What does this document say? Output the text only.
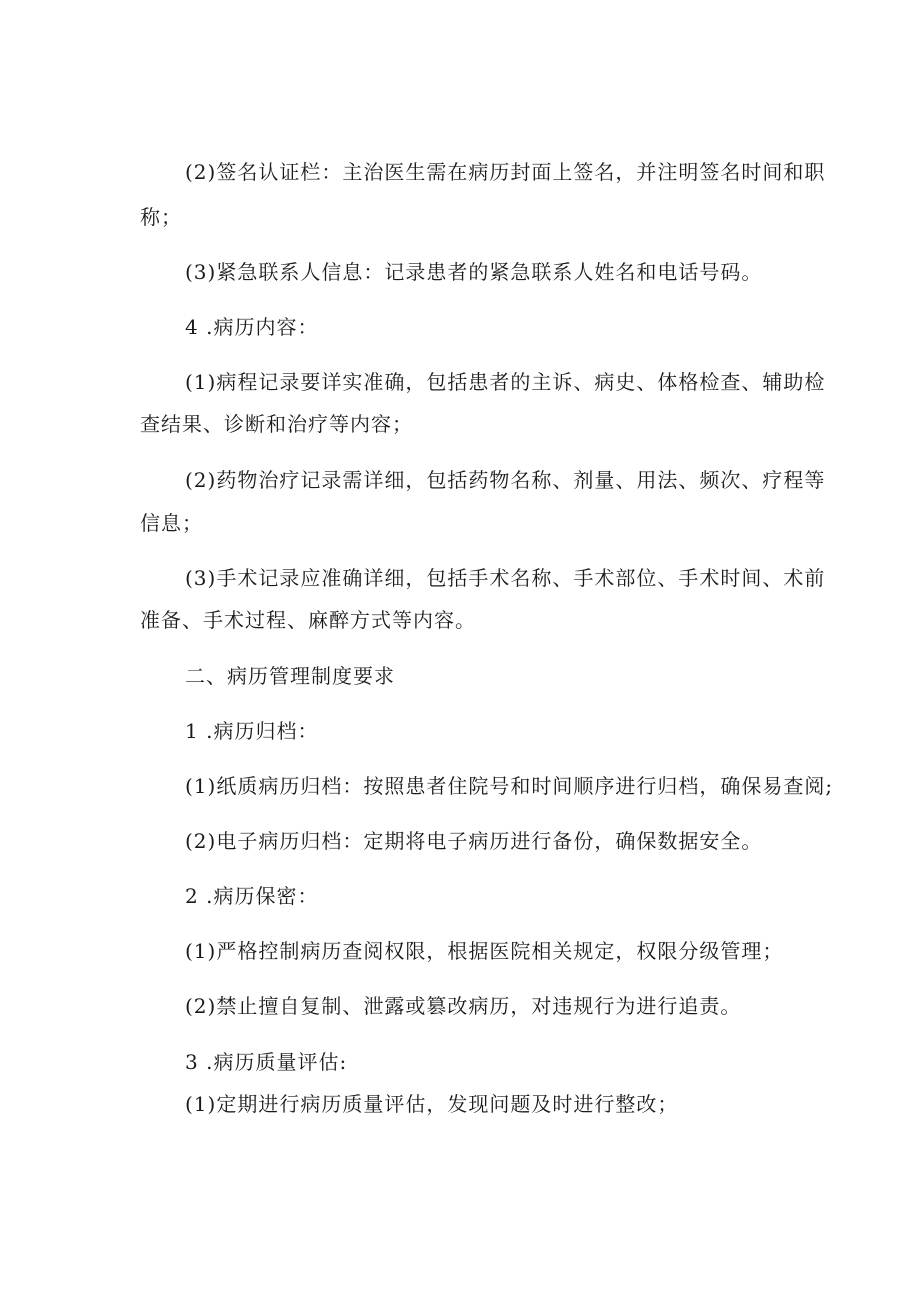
(2)签名认证栏：主治医生需在病历封面上签名，并注明签名时间和职
称；
(3)紧急联系人信息：记录患者的紧急联系人姓名和电话号码。
4 .病历内容：
(1)病程记录要详实准确，包括患者的主诉、病史、体格检查、辅助检
查结果、诊断和治疗等内容；
(2)药物治疗记录需详细，包括药物名称、剂量、用法、频次、疗程等
信息；
(3)手术记录应准确详细，包括手术名称、手术部位、手术时间、术前
准备、手术过程、麻醉方式等内容。
二、病历管理制度要求
1 .病历归档：
(1)纸质病历归档：按照患者住院号和时间顺序进行归档，确保易查阅;
(2)电子病历归档：定期将电子病历进行备份，确保数据安全。
2 .病历保密：
(1)严格控制病历查阅权限，根据医院相关规定，权限分级管理；
(2)禁止擅自复制、泄露或篡改病历，对违规行为进行追责。
3 .病历质量评估:
(1)定期进行病历质量评估，发现问题及时进行整改；
